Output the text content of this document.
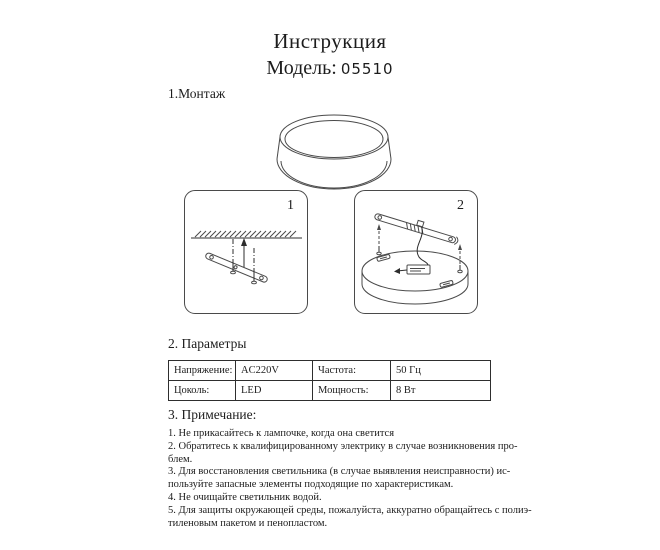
Инструкция
Модель: 05510
1.Монтаж
1	2
2. Параметры
Напряжение:	AC220V	Частота:	50 Гц
Цоколь:	LED	Мощность:	8 Вт
3. Примечание:
1. Не прикасайтесь к лампочке, когда она светится
2. Обратитесь к квалифицированному электрику в случае возникновения про-
блем.
3. Для восстановления светильника (в случае выявления неисправности) ис-
пользуйте запасные элементы подходящие по характеристикам.
4. Не очищайте светильник водой.
5. Для защиты окружающей среды, пожалуйста, аккуратно обращайтесь с полиэ-
тиленовым пакетом и пенопластом.
